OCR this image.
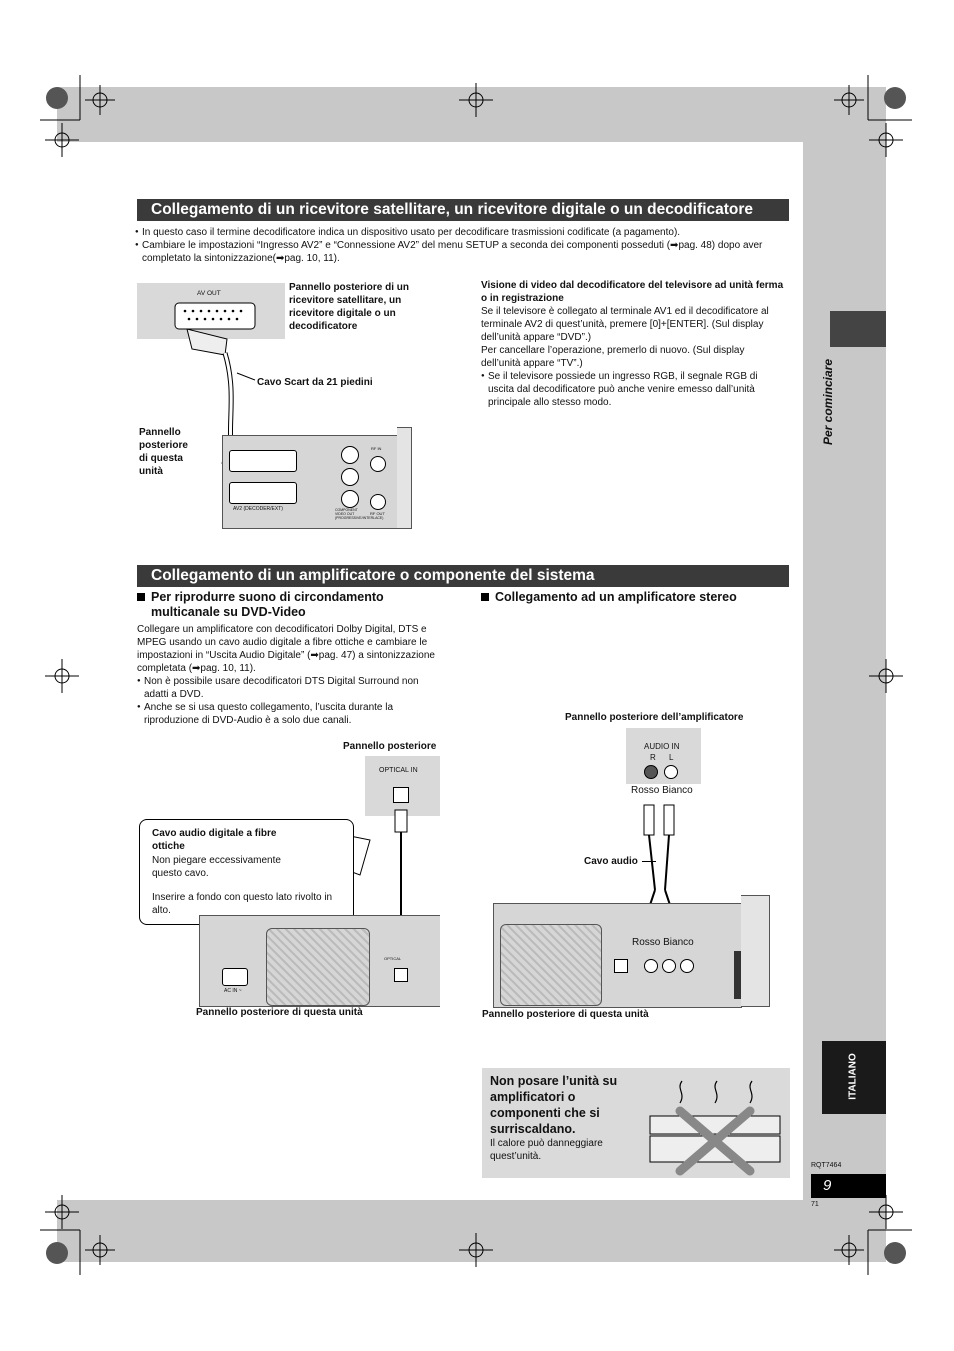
Collegamento di un ricevitore satellitare, un ricevitore digitale o un decodificatore
● In questo caso il termine decodificatore indica un dispositivo usato per decodificare trasmissioni codificate (a pagamento).
● Cambiare le impostazioni “Ingresso AV2” e “Connessione AV2” del menu SETUP a seconda dei componenti posseduti (➡pag. 48) dopo aver completato la sintonizzazione(➡pag. 10, 11).
AV OUT
Pannello posteriore di un ricevitore satellitare, un ricevitore digitale o un decodificatore
Cavo Scart da 21 piedini
Pannello posteriore di questa unità
AV2 (DECODER/EXT)	COMPONENT VIDEO OUT (PROGRESSIVE/INTERLACE)
RF IN
RF OUT
Visione di video dal decodificatore del televisore ad unità ferma o in registrazione
Se il televisore è collegato al terminale AV1 ed il decodificatore al terminale AV2 di quest’unità, premere [0]+[ENTER]. (Sul display dell’unità appare “DVD”.)
Per cancellare l’operazione, premerlo di nuovo. (Sul display dell’unità appare “TV”.)
● Se il televisore possiede un ingresso RGB, il segnale RGB di uscita dal decodificatore può anche venire emesso dall’unità principale allo stesso modo.
Collegamento di un amplificatore o componente del sistema
Per riprodurre suono di circondamento multicanale su DVD-Video
Collegare un amplificatore con decodificatori Dolby Digital, DTS e MPEG usando un cavo audio digitale a fibre ottiche e cambiare le impostazioni in “Uscita Audio Digitale” (➡pag. 47) a sintonizzazione completata (➡pag. 10, 11).
● Non è possibile usare decodificatori DTS Digital Surround non adatti a DVD.
● Anche se si usa questo collegamento, l’uscita durante la riproduzione di DVD-Audio è a solo due canali.
Collegamento ad un amplificatore stereo
Pannello posteriore
OPTICAL IN
Cavo audio digitale a fibre ottiche
Non piegare eccessivamente questo cavo.
Inserire a fondo con questo lato rivolto in alto.
AC IN ~
OPTICAL
Pannello posteriore di questa unità
Pannello posteriore dell’amplificatore
AUDIO IN
R L
Rosso Bianco
Cavo audio
Rosso Bianco
Pannello posteriore di questa unità
Non posare l’unità su amplificatori o componenti che si surriscaldano.
Il calore può danneggiare quest’unità.
Per cominciare
ITALIANO
RQT7464
9
71
